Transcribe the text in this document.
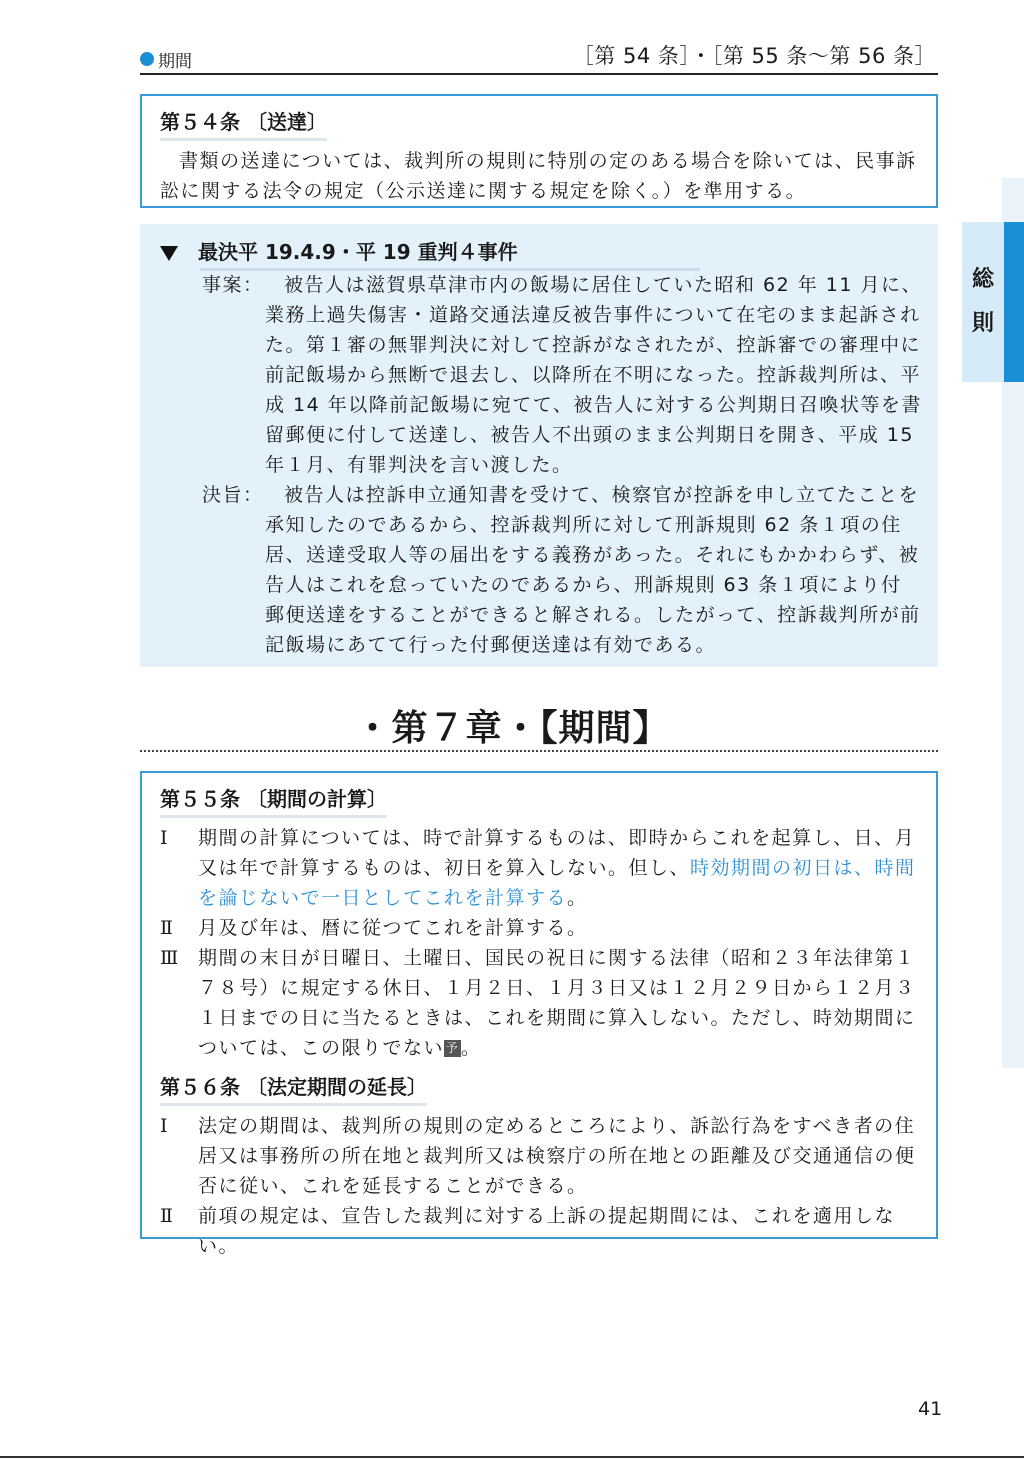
期間	［第 54 条］・［第 55 条〜第 56 条］
総
則
第５４条 〔送達〕
書類の送達については、裁判所の規則に特別の定のある場合を除いては、民事訴訟に関する法令の規定（公示送達に関する規定を除く。）を準用する。
最決平 19.4.9・平 19 重判４事件
事案：	被告人は滋賀県草津市内の飯場に居住していた昭和 62 年 11 月に、業務上過失傷害・道路交通法違反被告事件について在宅のまま起訴された。第１審の無罪判決に対して控訴がなされたが、控訴審での審理中に前記飯場から無断で退去し、以降所在不明になった。控訴裁判所は、平成 14 年以降前記飯場に宛てて、被告人に対する公判期日召喚状等を書留郵便に付して送達し、被告人不出頭のまま公判期日を開き、平成 15 年１月、有罪判決を言い渡した。
決旨：	被告人は控訴申立通知書を受けて、検察官が控訴を申し立てたことを承知したのであるから、控訴裁判所に対して刑訴規則 62 条１項の住居、送達受取人等の届出をする義務があった。それにもかかわらず、被告人はこれを怠っていたのであるから、刑訴規則 63 条１項により付郵便送達をすることができると解される。したがって、控訴裁判所が前記飯場にあてて行った付郵便送達は有効である。
・第７章・【期間】
第５５条 〔期間の計算〕
Ⅰ	期間の計算については、時で計算するものは、即時からこれを起算し、日、月又は年で計算するものは、初日を算入しない。但し、時効期間の初日は、時間を論じないで一日としてこれを計算する。
Ⅱ	月及び年は、暦に従つてこれを計算する。
Ⅲ 期間の末日が日曜日、土曜日、国民の祝日に関する法律（昭和２３年法律第１７８号）に規定する休日、１月２日、１月３日又は１２月２９日から１２月３１日までの日に当たるときは、これを期間に算入しない。ただし、時効期間については、この限りでない 予。
第５６条 〔法定期間の延長〕
Ⅰ	法定の期間は、裁判所の規則の定めるところにより、訴訟行為をすべき者の住居又は事務所の所在地と裁判所又は検察庁の所在地との距離及び交通通信の便否に従い、これを延長することができる。
Ⅱ	前項の規定は、宣告した裁判に対する上訴の提起期間には、これを適用しない。
41
